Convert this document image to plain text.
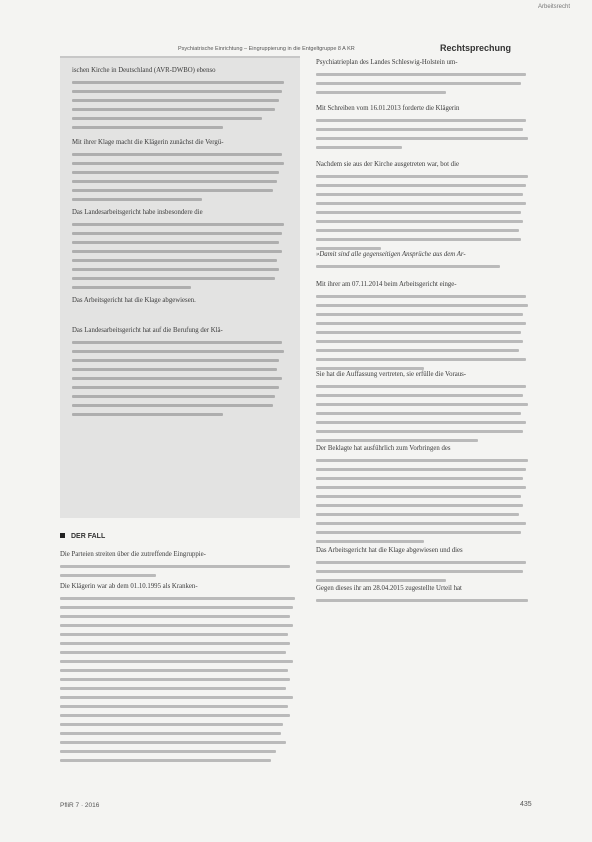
Arbeitsrecht
Psychiatrische Einrichtung – Eingruppierung in die Entgeltgruppe 8 A KR	Rechtsprechung
ischen Kirche in Deutschland (AVR-DWBO) ebenso
Mit ihrer Klage macht die Klägerin zunächst die Vergü-
Das Landesarbeitsgericht habe insbesondere die
Das Arbeitsgericht hat die Klage abgewiesen.
Das Landesarbeitsgericht hat auf die Berufung der Klä-
DER FALL
Die Parteien streiten über die zutreffende Eingruppie-
Die Klägerin war ab dem 01.10.1995 als Kranken-
Psychiatrieplan des Landes Schleswig-Holstein um-
Mit Schreiben vom 16.01.2013 forderte die Klägerin
Nachdem sie aus der Kirche ausgetreten war, bot die
»Damit sind alle gegenseitigen Ansprüche aus dem Ar-
Mit ihrer am 07.11.2014 beim Arbeitsgericht einge-
Sie hat die Auffassung vertreten, sie erfülle die Voraus-
Der Beklagte hat ausführlich zum Vorbringen des
Das Arbeitsgericht hat die Klage abgewiesen und dies
Gegen dieses ihr am 28.04.2015 zugestellte Urteil hat
PfliR 7 · 2016	435
